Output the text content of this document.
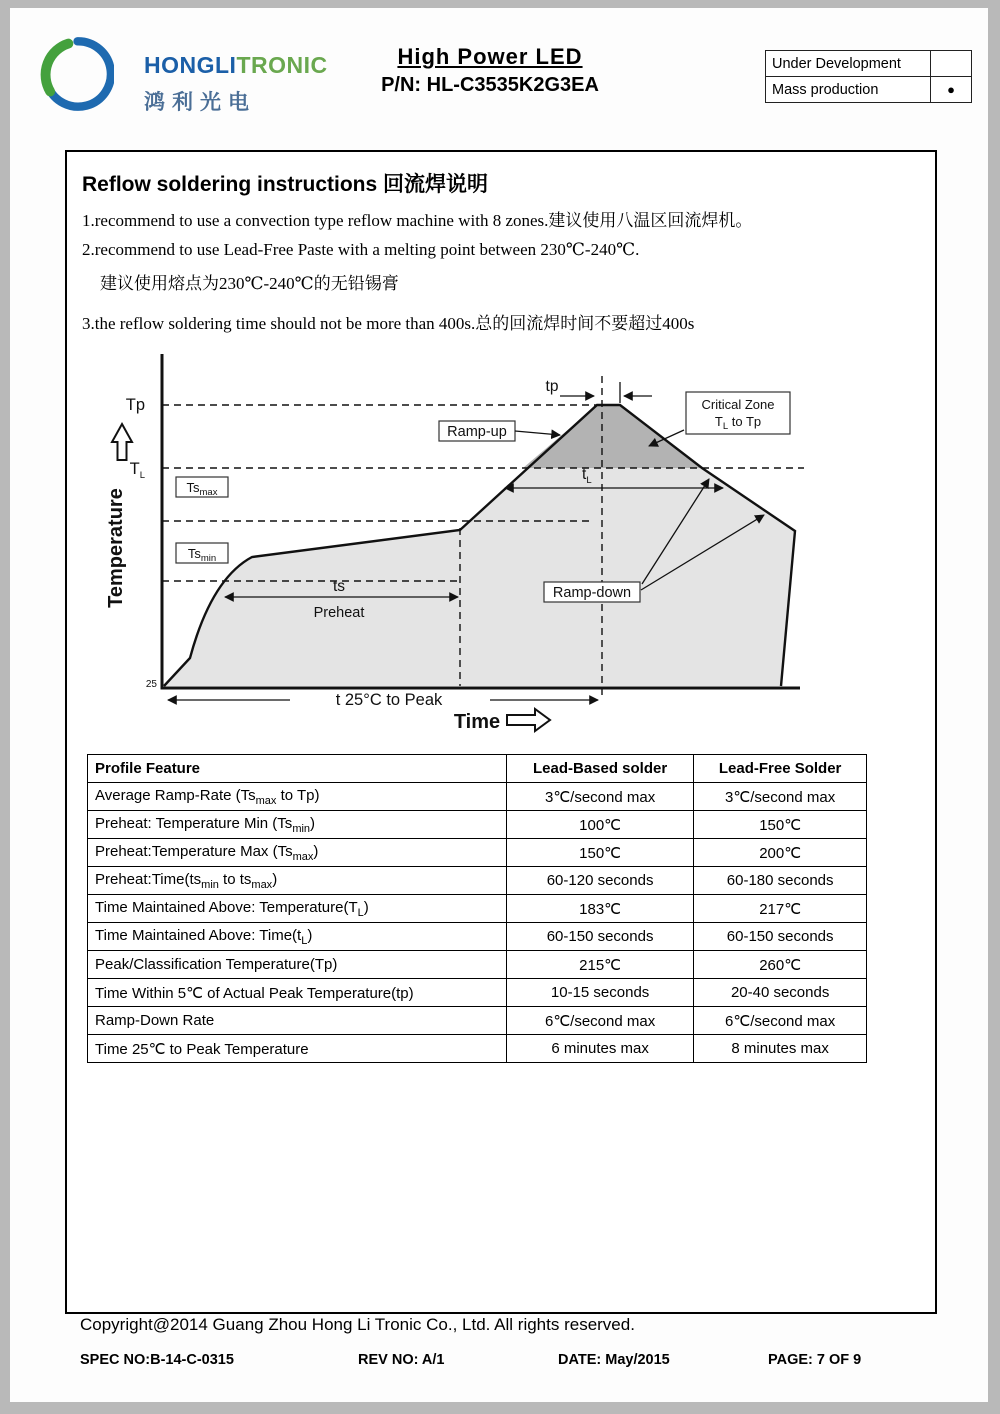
HONGLITRONIC
鸿利光电
High Power LED
P/N: HL-C3535K2G3EA
Under Development	
Mass production	●
Reflow soldering instructions 回流焊说明

1.recommend to use a convection type reflow machine with 8 zones.建议使用八温区回流焊机。

2.recommend to use Lead-Free Paste with a melting point between 230℃-240℃.

建议使用熔点为230℃-240℃的无铅锡膏

3.the reflow soldering time should not be more than 400s.总的回流焊时间不要超过400s

Tp
$T_L$
25
Temperature
$Ts_{max}$
$Ts_{min}$
tp
Ramp-up
Critical Zone
$T_L$ to Tp
$t_L$
Ramp-down
ts
Preheat
t 25°C to Peak
Time
Profile Feature	Lead-Based solder	Lead-Free Solder
Average Ramp-Rate ($Ts_{max}$ to Tp)	3℃/second max	3℃/second max
Preheat: Temperature Min $(Ts_{min})$	100℃	150℃
Preheat:Temperature Max $(Ts_{max})$	150℃	200℃
$Preheat:Time(ts_{min}$ to $ts_{max}$)	60-120 seconds	60-180 seconds
Time Maintained Above: $Temperature(T_L)$	183℃	217℃
Time Maintained Above: $Time(t_L)$	60-150 seconds	60-150 seconds
Peak/Classification Temperature(Tp)	215℃	260℃
Time Within 5℃ of Actual Peak Temperature(tp)	10-15 seconds	20-40 seconds
Ramp-Down Rate	6℃/second max	6℃/second max
Time 25℃ to Peak Temperature	6 minutes max	8 minutes max
Copyright@2014 Guang Zhou Hong Li Tronic Co., Ltd. All rights reserved.
SPEC NO:B-14-C-0315	REV NO: A/1	DATE: May/2015	PAGE: 7 OF 9
